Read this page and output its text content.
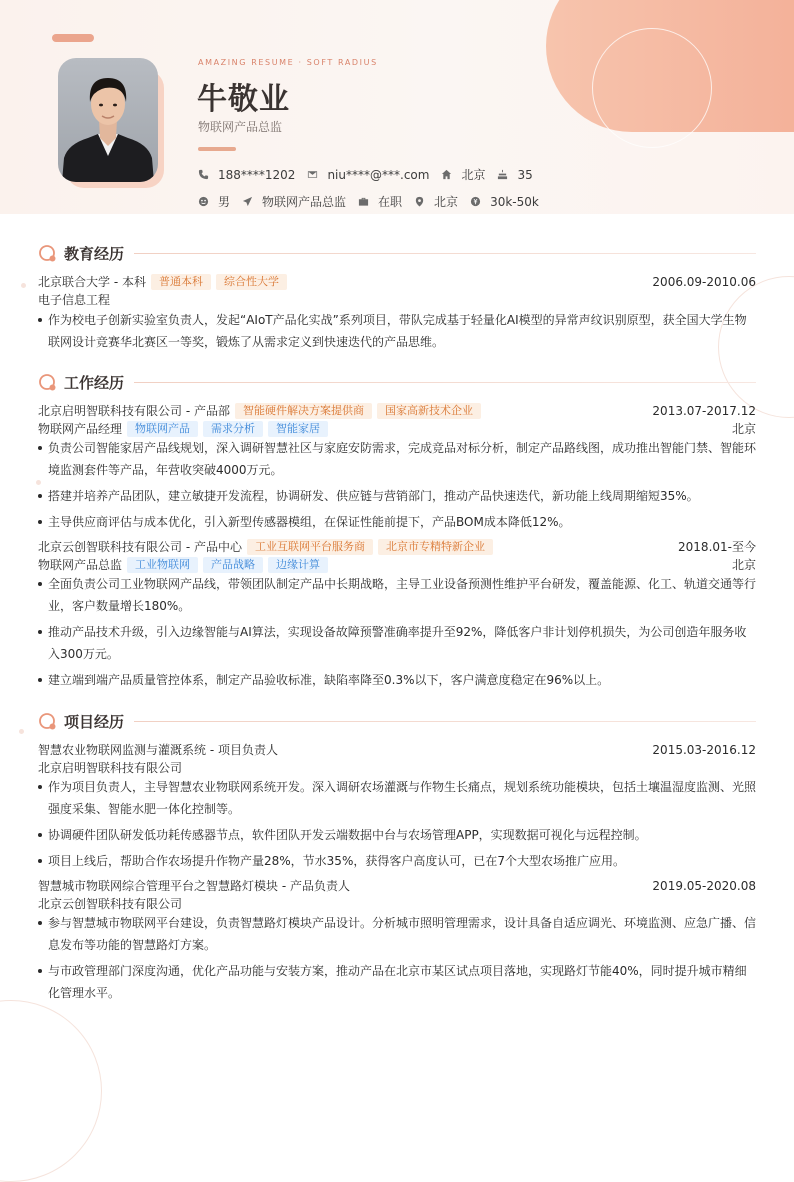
AMAZING RESUME · SOFT RADIUS
牛敬业
物联网产品总监
188****1202	niu****@***.com	北京	35
男	物联网产品总监	在职	北京	30k-50k
教育经历
北京联合大学 - 本科	普通本科	综合性大学	2006.09-2010.06
电子信息工程
作为校电子创新实验室负责人，发起“AIoT产品化实战”系列项目，带队完成基于轻量化AI模型的异常声纹识别原型，获全国大学生物联网设计竞赛华北赛区一等奖，锻炼了从需求定义到快速迭代的产品思维。
工作经历
北京启明智联科技有限公司 - 产品部	智能硬件解决方案提供商	国家高新技术企业	2013.07-2017.12
物联网产品经理	物联网产品	需求分析	智能家居	北京
负责公司智能家居产品线规划，深入调研智慧社区与家庭安防需求，完成竞品对标分析，制定产品路线图，成功推出智能门禁、智能环境监测套件等产品，年营收突破4000万元。
搭建并培养产品团队，建立敏捷开发流程，协调研发、供应链与营销部门，推动产品快速迭代，新功能上线周期缩短35%。
主导供应商评估与成本优化，引入新型传感器模组，在保证性能前提下，产品BOM成本降低12%。
北京云创智联科技有限公司 - 产品中心	工业互联网平台服务商	北京市专精特新企业	2018.01-至今
物联网产品总监	工业物联网	产品战略	边缘计算	北京
全面负责公司工业物联网产品线，带领团队制定产品中长期战略，主导工业设备预测性维护平台研发，覆盖能源、化工、轨道交通等行业，客户数量增长180%。
推动产品技术升级，引入边缘智能与AI算法，实现设备故障预警准确率提升至92%，降低客户非计划停机损失，为公司创造年服务收入300万元。
建立端到端产品质量管控体系，制定产品验收标准，缺陷率降至0.3%以下，客户满意度稳定在96%以上。
项目经历
智慧农业物联网监测与灌溉系统 - 项目负责人	2015.03-2016.12
北京启明智联科技有限公司
作为项目负责人，主导智慧农业物联网系统开发。深入调研农场灌溉与作物生长痛点，规划系统功能模块，包括土壤温湿度监测、光照强度采集、智能水肥一体化控制等。
协调硬件团队研发低功耗传感器节点，软件团队开发云端数据中台与农场管理APP，实现数据可视化与远程控制。
项目上线后，帮助合作农场提升作物产量28%，节水35%，获得客户高度认可，已在7个大型农场推广应用。
智慧城市物联网综合管理平台之智慧路灯模块 - 产品负责人	2019.05-2020.08
北京云创智联科技有限公司
参与智慧城市物联网平台建设，负责智慧路灯模块产品设计。分析城市照明管理需求，设计具备自适应调光、环境监测、应急广播、信息发布等功能的智慧路灯方案。
与市政管理部门深度沟通，优化产品功能与安装方案，推动产品在北京市某区试点项目落地，实现路灯节能40%，同时提升城市精细化管理水平。
